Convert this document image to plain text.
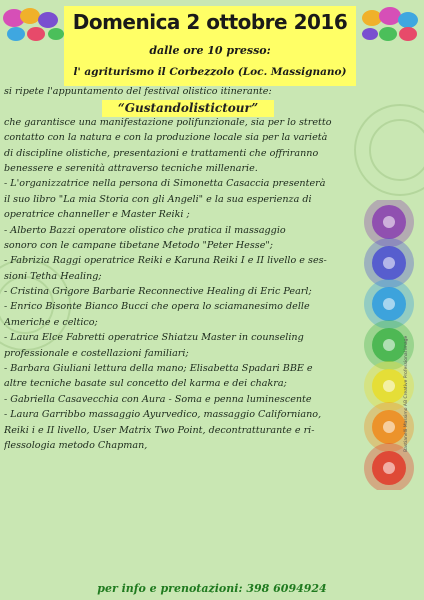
Domenica 2 ottobre 2016
dalle ore 10 presso:
l' agriturismo il Corbezzolo (Loc. Massignano)
“Gustandolistictour”
si ripete l'appuntamento del festival olistico itinerante:
che garantisce una manifestazione polifunzionale, sia per lo stretto
contatto con la natura e con la produzione locale sia per la varietà
di discipline olistiche, presentazioni e trattamenti che offriranno
benessere e serenità attraverso tecniche millenarie.
- L'organizzatrice nella persona di Simonetta Casaccia presenterà
il suo libro "La mia Storia con gli Angeli" e la sua esperienza di
operatrice channeller e Master Reiki ;
- Alberto Bazzi operatore olistico che pratica il massaggio
sonoro con le campane tibetane Metodo "Peter Hesse";
- Fabrizia Raggi operatrice Reiki e Karuna Reiki I e II livello e ses-
sioni Tetha Healing;
- Cristina Grigore Barbarie Reconnective Healing di Eric Pearl;
- Enrico Bisonte Bianco Bucci che opera lo sciamanesimo delle
Americhe e celtico;
- Laura Elce Fabretti operatrice Shiatzu Master in counseling
professionale e costellazioni familiari;
- Barbara Giuliani lettura della mano; Elisabetta Spadari BBE e
altre tecniche basate sul concetto del karma e dei chakra;
- Gabriella Casavecchia con Aura - Soma e penna luminescente
- Laura Garribbo massaggio Ayurvedico, massaggio Californiano,
Reiki i e II livello, User Matrix Two Point, decontratturante e ri-
flessologia metodo Chapman,	Bastianelli Massimo AB Creative Professional image
per info e prenotazioni: 398 6094924
